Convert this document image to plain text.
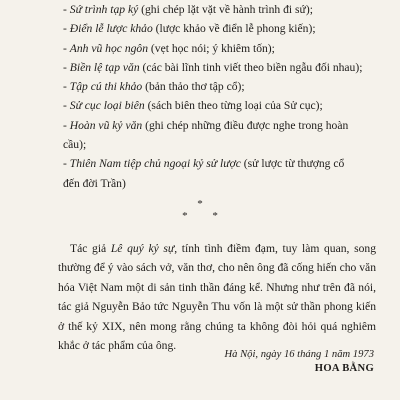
- Sứ trình tạp ký (ghi chép lặt vặt về hành trình đi sứ);
- Điển lễ lược khảo (lược khảo về điển lễ phong kiến);
- Anh vũ học ngôn (vẹt học nói; ý khiêm tốn);
- Biền lệ tạp văn (các bài lĩnh tinh viết theo biền ngẫu đối nhau);
- Tập cú thi khảo (bản thảo thơ tập cổ);
- Sử cục loại biên (sách biên theo từng loại của Sử cục);
- Hoàn vũ kỷ văn (ghi chép những điều được nghe trong hoàn
cầu);
- Thiên Nam tiệp chủ ngoại kỷ sử lược (sử lược từ thượng cổ
đến đời Trần)
*
* *

Tác giả Lê quý kỷ sự, tính tình điềm đạm, tuy làm quan, song thường để ý vào sách vở, văn thơ, cho nên ông đã cống hiến cho văn hóa Việt Nam một di sản tinh thần đáng kể. Nhưng như trên đã nói, tác giả Nguyễn Bảo tức Nguyễn Thu vốn là một sử thần phong kiến ở thế kỷ XIX, nên mong rằng chúng ta không đòi hỏi quá nghiêm khắc ở tác phẩm của ông.

Hà Nội, ngày 16 tháng 1 năm 1973

HOA BẰNG
